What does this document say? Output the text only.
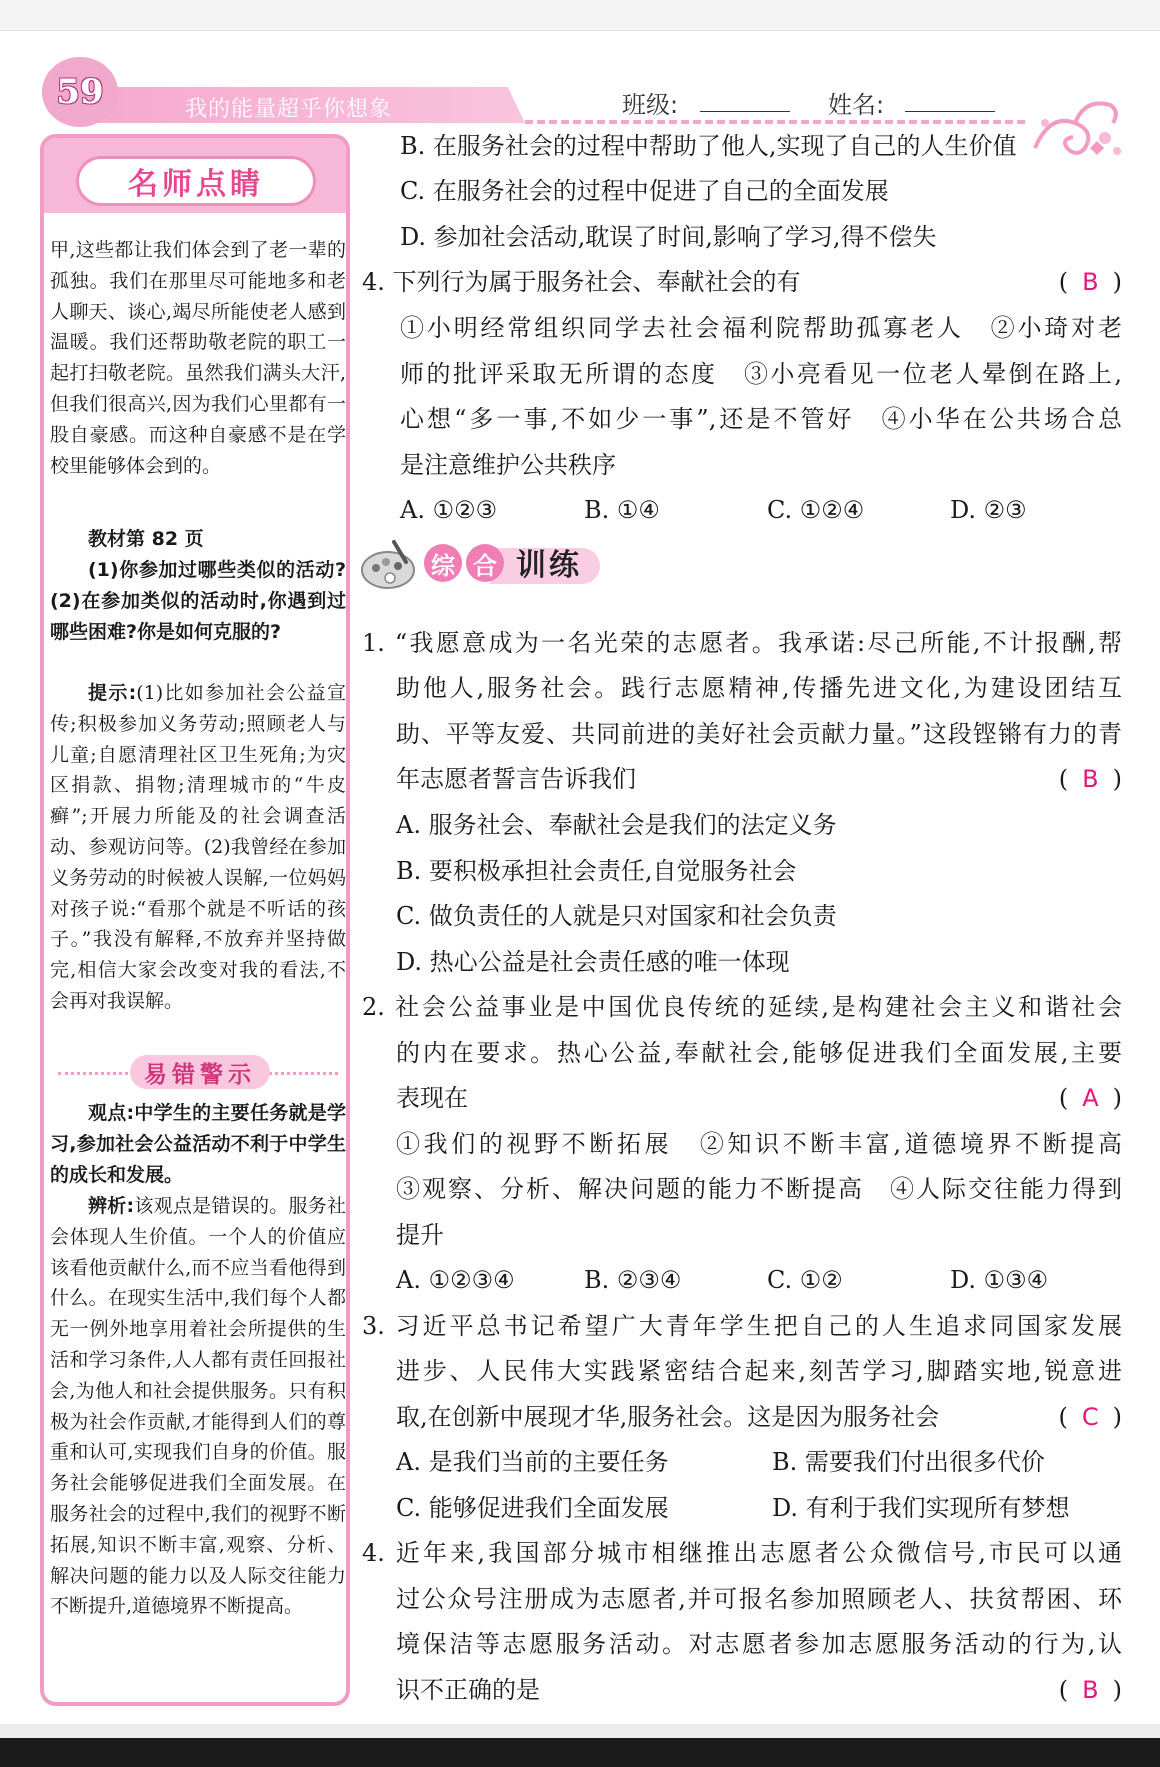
59	我的能量超乎你想象	班级:	姓名:
名师点睛
甲,这些都让我们体会到了老一辈的孤独。我们在那里尽可能地多和老人聊天、谈心,竭尽所能使老人感到温暖。我们还帮助敬老院的职工一起打扫敬老院。虽然我们满头大汗,但我们很高兴,因为我们心里都有一股自豪感。而这种自豪感不是在学校里能够体会到的。
教材第 82 页
(1)你参加过哪些类似的活动?(2)在参加类似的活动时,你遇到过哪些困难?你是如何克服的?
提示:(1)比如参加社会公益宣传;积极参加义务劳动;照顾老人与儿童;自愿清理社区卫生死角;为灾区捐款、捐物;清理城市的“牛皮癣”;开展力所能及的社会调查活动、参观访问等。(2)我曾经在参加义务劳动的时候被人误解,一位妈妈对孩子说:“看那个就是不听话的孩子。”我没有解释,不放弃并坚持做完,相信大家会改变对我的看法,不会再对我误解。
易错警示
观点:中学生的主要任务就是学习,参加社会公益活动不利于中学生的成长和发展。
辨析:该观点是错误的。服务社会体现人生价值。一个人的价值应该看他贡献什么,而不应当看他得到什么。在现实生活中,我们每个人都无一例外地享用着社会所提供的生活和学习条件,人人都有责任回报社会,为他人和社会提供服务。只有积极为社会作贡献,才能得到人们的尊重和认可,实现我们自身的价值。服务社会能够促进我们全面发展。在服务社会的过程中,我们的视野不断拓展,知识不断丰富,观察、分析、解决问题的能力以及人际交往能力不断提升,道德境界不断提高。
B. 在服务社会的过程中帮助了他人,实现了自己的人生价值
C. 在服务社会的过程中促进了自己的全面发展
D. 参加社会活动,耽误了时间,影响了学习,得不偿失
4. 下列行为属于服务社会、奉献社会的有	( B )
①小明经常组织同学去社会福利院帮助孤寡老人　②小琦对老
师的批评采取无所谓的态度　③小亮看见一位老人晕倒在路上,
心想“多一事,不如少一事”,还是不管好　④小华在公共场合总
是注意维护公共秩序
A. ①②③	B. ①④	C. ①②④	D. ②③
综 合 训练
1. “我愿意成为一名光荣的志愿者。我承诺:尽己所能,不计报酬,帮
助他人,服务社会。践行志愿精神,传播先进文化,为建设团结互
助、平等友爱、共同前进的美好社会贡献力量。”这段铿锵有力的青
年志愿者誓言告诉我们	( B )
A. 服务社会、奉献社会是我们的法定义务
B. 要积极承担社会责任,自觉服务社会
C. 做负责任的人就是只对国家和社会负责
D. 热心公益是社会责任感的唯一体现
2. 社会公益事业是中国优良传统的延续,是构建社会主义和谐社会
的内在要求。热心公益,奉献社会,能够促进我们全面发展,主要
表现在	( A )
①我们的视野不断拓展　②知识不断丰富,道德境界不断提高
③观察、分析、解决问题的能力不断提高　④人际交往能力得到
提升
A. ①②③④	B. ②③④	C. ①②	D. ①③④
3. 习近平总书记希望广大青年学生把自己的人生追求同国家发展
进步、人民伟大实践紧密结合起来,刻苦学习,脚踏实地,锐意进
取,在创新中展现才华,服务社会。这是因为服务社会	( C )
A. 是我们当前的主要任务	B. 需要我们付出很多代价
C. 能够促进我们全面发展	D. 有利于我们实现所有梦想
4. 近年来,我国部分城市相继推出志愿者公众微信号,市民可以通
过公众号注册成为志愿者,并可报名参加照顾老人、扶贫帮困、环
境保洁等志愿服务活动。对志愿者参加志愿服务活动的行为,认
识不正确的是	( B )
